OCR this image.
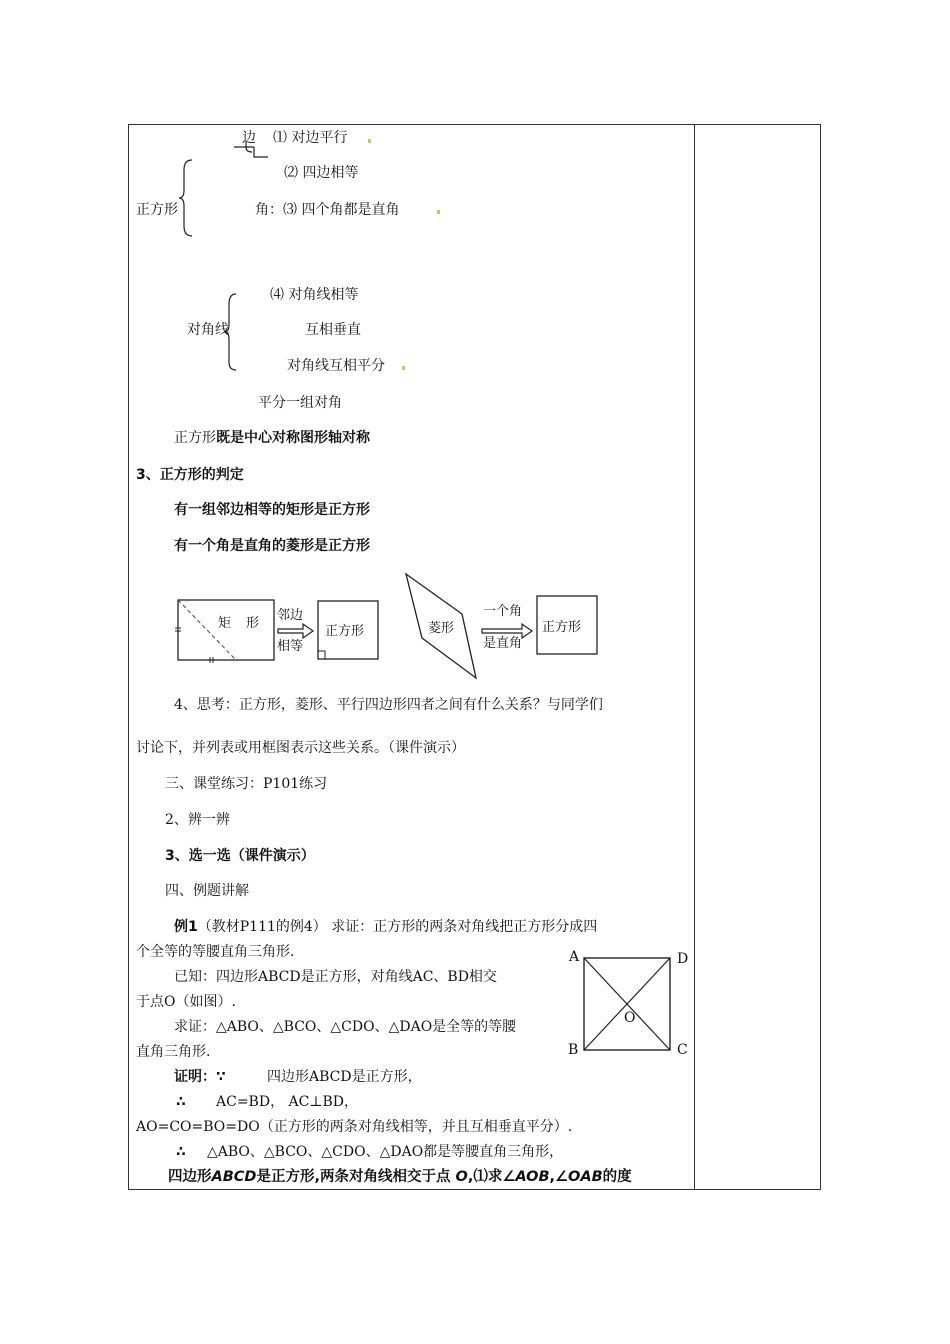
边 ⑴ 对边平行
⑵ 四边相等
正方形	角：⑶ 四个角都是直角
⑷ 对角线相等
对角线	互相垂直
对角线互相平分
平分一组对角
正方形既是中心对称图形轴对称
3、正方形的判定
有一组邻边相等的矩形是正方形
有一个角是直角的菱形是正方形
矩 形
邻边
相等
正方形	菱形
一个角
是直角
正方形
4、思考：正方形，菱形、平行四边形四者之间有什么关系？与同学们
讨论下，并列表或用框图表示这些关系。（课件演示）
三、课堂练习：P101练习
2、辨一辨
3、选一选（课件演示）
四、例题讲解
例1（教材P111的例4） 求证：正方形的两条对角线把正方形分成四
个全等的等腰直角三角形.
已知：四边形ABCD是正方形，对角线AC、BD相交
于点O（如图）.
求证：△ABO、△BCO、△CDO、△DAO是全等的等腰
直角三角形.
A	D
B	C
O
证明：∵	四边形ABCD是正方形，
∴ AC=BD， AC⊥BD，
AO=CO=BO=DO（正方形的两条对角线相等，并且互相垂直平分）.
∴ △ABO、△BCO、△CDO、△DAO都是等腰直角三角形，
四边形ABCD是正方形,两条对角线相交于点 O,⑴求∠AOB,∠OAB的度
